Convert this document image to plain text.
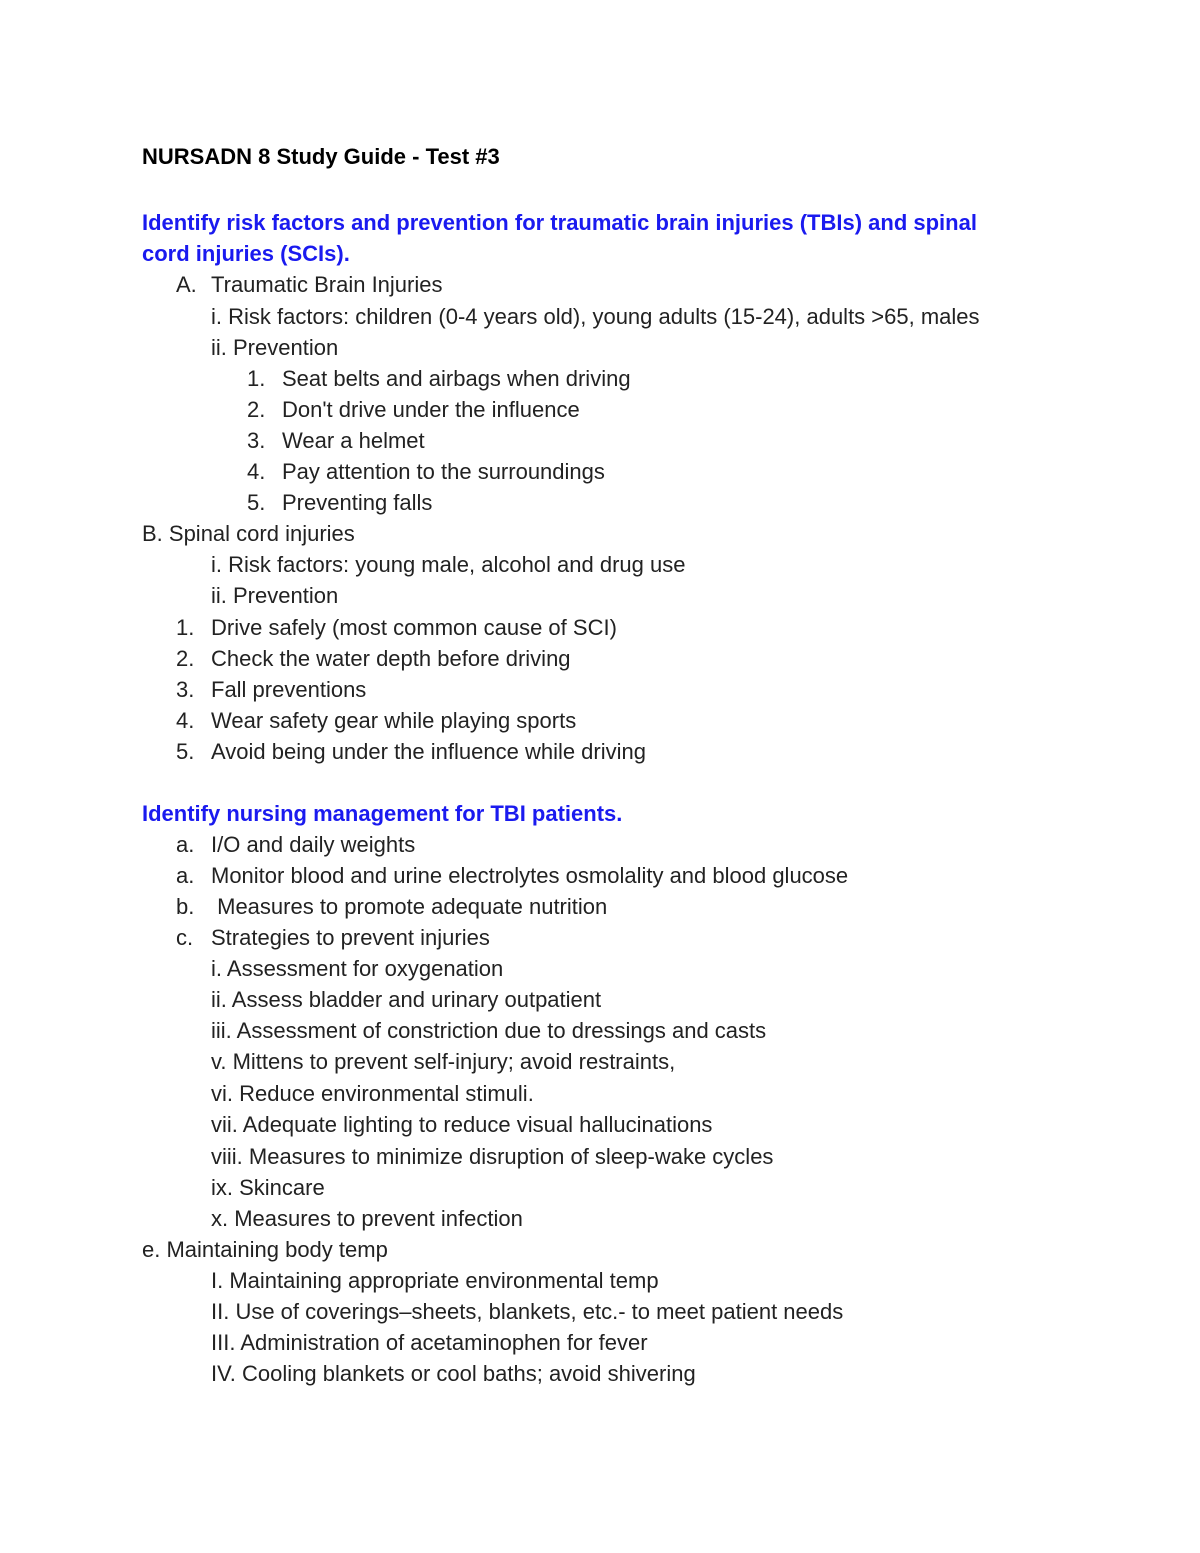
NURSADN 8 Study Guide - Test #3
Identify risk factors and prevention for traumatic brain injuries (TBIs) and spinal
cord injuries (SCIs).
A. Traumatic Brain Injuries
i. Risk factors: children (0-4 years old), young adults (15-24), adults >65, males
ii. Prevention
1. Seat belts and airbags when driving
2. Don't drive under the influence
3. Wear a helmet
4. Pay attention to the surroundings
5. Preventing falls
B. Spinal cord injuries
i. Risk factors: young male, alcohol and drug use
ii. Prevention
1. Drive safely (most common cause of SCI)
2. Check the water depth before driving
3. Fall preventions
4. Wear safety gear while playing sports
5. Avoid being under the influence while driving
Identify nursing management for TBI patients.
a. I/O and daily weights
a. Monitor blood and urine electrolytes osmolality and blood glucose
b. Measures to promote adequate nutrition
c. Strategies to prevent injuries
i. Assessment for oxygenation
ii. Assess bladder and urinary outpatient
iii. Assessment of constriction due to dressings and casts
v. Mittens to prevent self-injury; avoid restraints,
vi. Reduce environmental stimuli.
vii. Adequate lighting to reduce visual hallucinations
viii. Measures to minimize disruption of sleep-wake cycles
ix. Skincare
x. Measures to prevent infection
e. Maintaining body temp
I. Maintaining appropriate environmental temp
II. Use of coverings–sheets, blankets, etc.- to meet patient needs
III. Administration of acetaminophen for fever
IV. Cooling blankets or cool baths; avoid shivering
